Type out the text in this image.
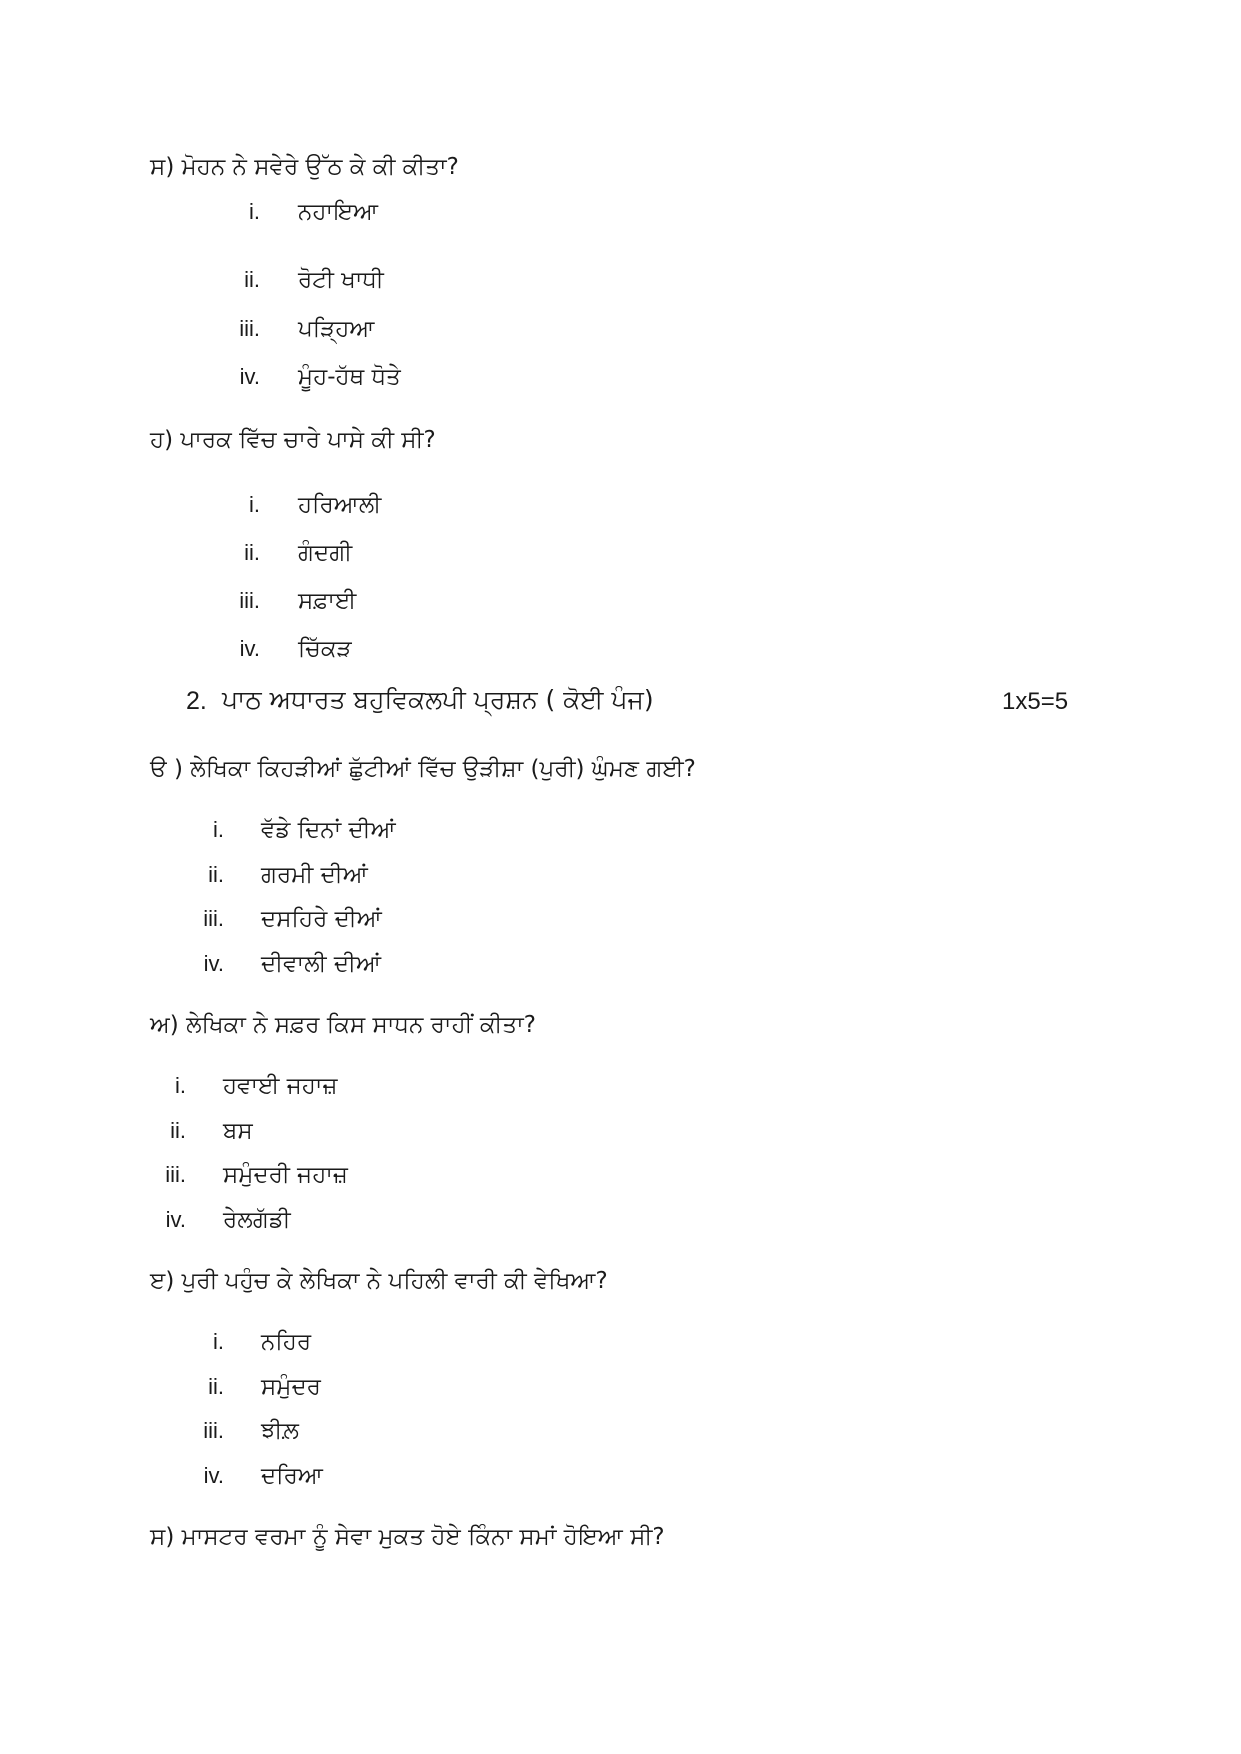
ਸ) ਮੋਹਨ ਨੇ ਸਵੇਰੇ ਉੱਠ ਕੇ ਕੀ ਕੀਤਾ?
i. ਨਹਾਇਆ
ii. ਰੋਟੀ ਖਾਧੀ
iii. ਪੜ੍ਹਿਆ
iv. ਮੂੰਹ-ਹੱਥ ਧੋਤੇ
ਹ) ਪਾਰਕ ਵਿੱਚ ਚਾਰੇ ਪਾਸੇ ਕੀ ਸੀ?
i. ਹਰਿਆਲੀ
ii. ਗੰਦਗੀ
iii. ਸਫ਼ਾਈ
iv. ਚਿੱਕੜ
2. ਪਾਠ ਅਧਾਰਤ ਬਹੁਵਿਕਲਪੀ ਪ੍ਰਸ਼ਨ ( ਕੋਈ ਪੰਜ)	1x5=5
ੳ ) ਲੇਖਿਕਾ ਕਿਹੜੀਆਂ ਛੁੱਟੀਆਂ ਵਿੱਚ ਉੜੀਸ਼ਾ (ਪੁਰੀ) ਘੁੰਮਣ ਗਈ?
i. ਵੱਡੇ ਦਿਨਾਂ ਦੀਆਂ
ii. ਗਰਮੀ ਦੀਆਂ
iii. ਦਸਹਿਰੇ ਦੀਆਂ
iv. ਦੀਵਾਲੀ ਦੀਆਂ
ਅ) ਲੇਖਿਕਾ ਨੇ ਸਫ਼ਰ ਕਿਸ ਸਾਧਨ ਰਾਹੀਂ ਕੀਤਾ?
i. ਹਵਾਈ ਜਹਾਜ਼
ii. ਬਸ
iii. ਸਮੁੰਦਰੀ ਜਹਾਜ਼
iv. ਰੇਲਗੱਡੀ
ੲ) ਪੁਰੀ ਪਹੁੰਚ ਕੇ ਲੇਖਿਕਾ ਨੇ ਪਹਿਲੀ ਵਾਰੀ ਕੀ ਵੇਖਿਆ?
i. ਨਹਿਰ
ii. ਸਮੁੰਦਰ
iii. ਝੀਲ਼
iv. ਦਰਿਆ
ਸ) ਮਾਸਟਰ ਵਰਮਾ ਨੂੰ ਸੇਵਾ ਮੁਕਤ ਹੋਏ ਕਿੰਨਾ ਸਮਾਂ ਹੋਇਆ ਸੀ?
